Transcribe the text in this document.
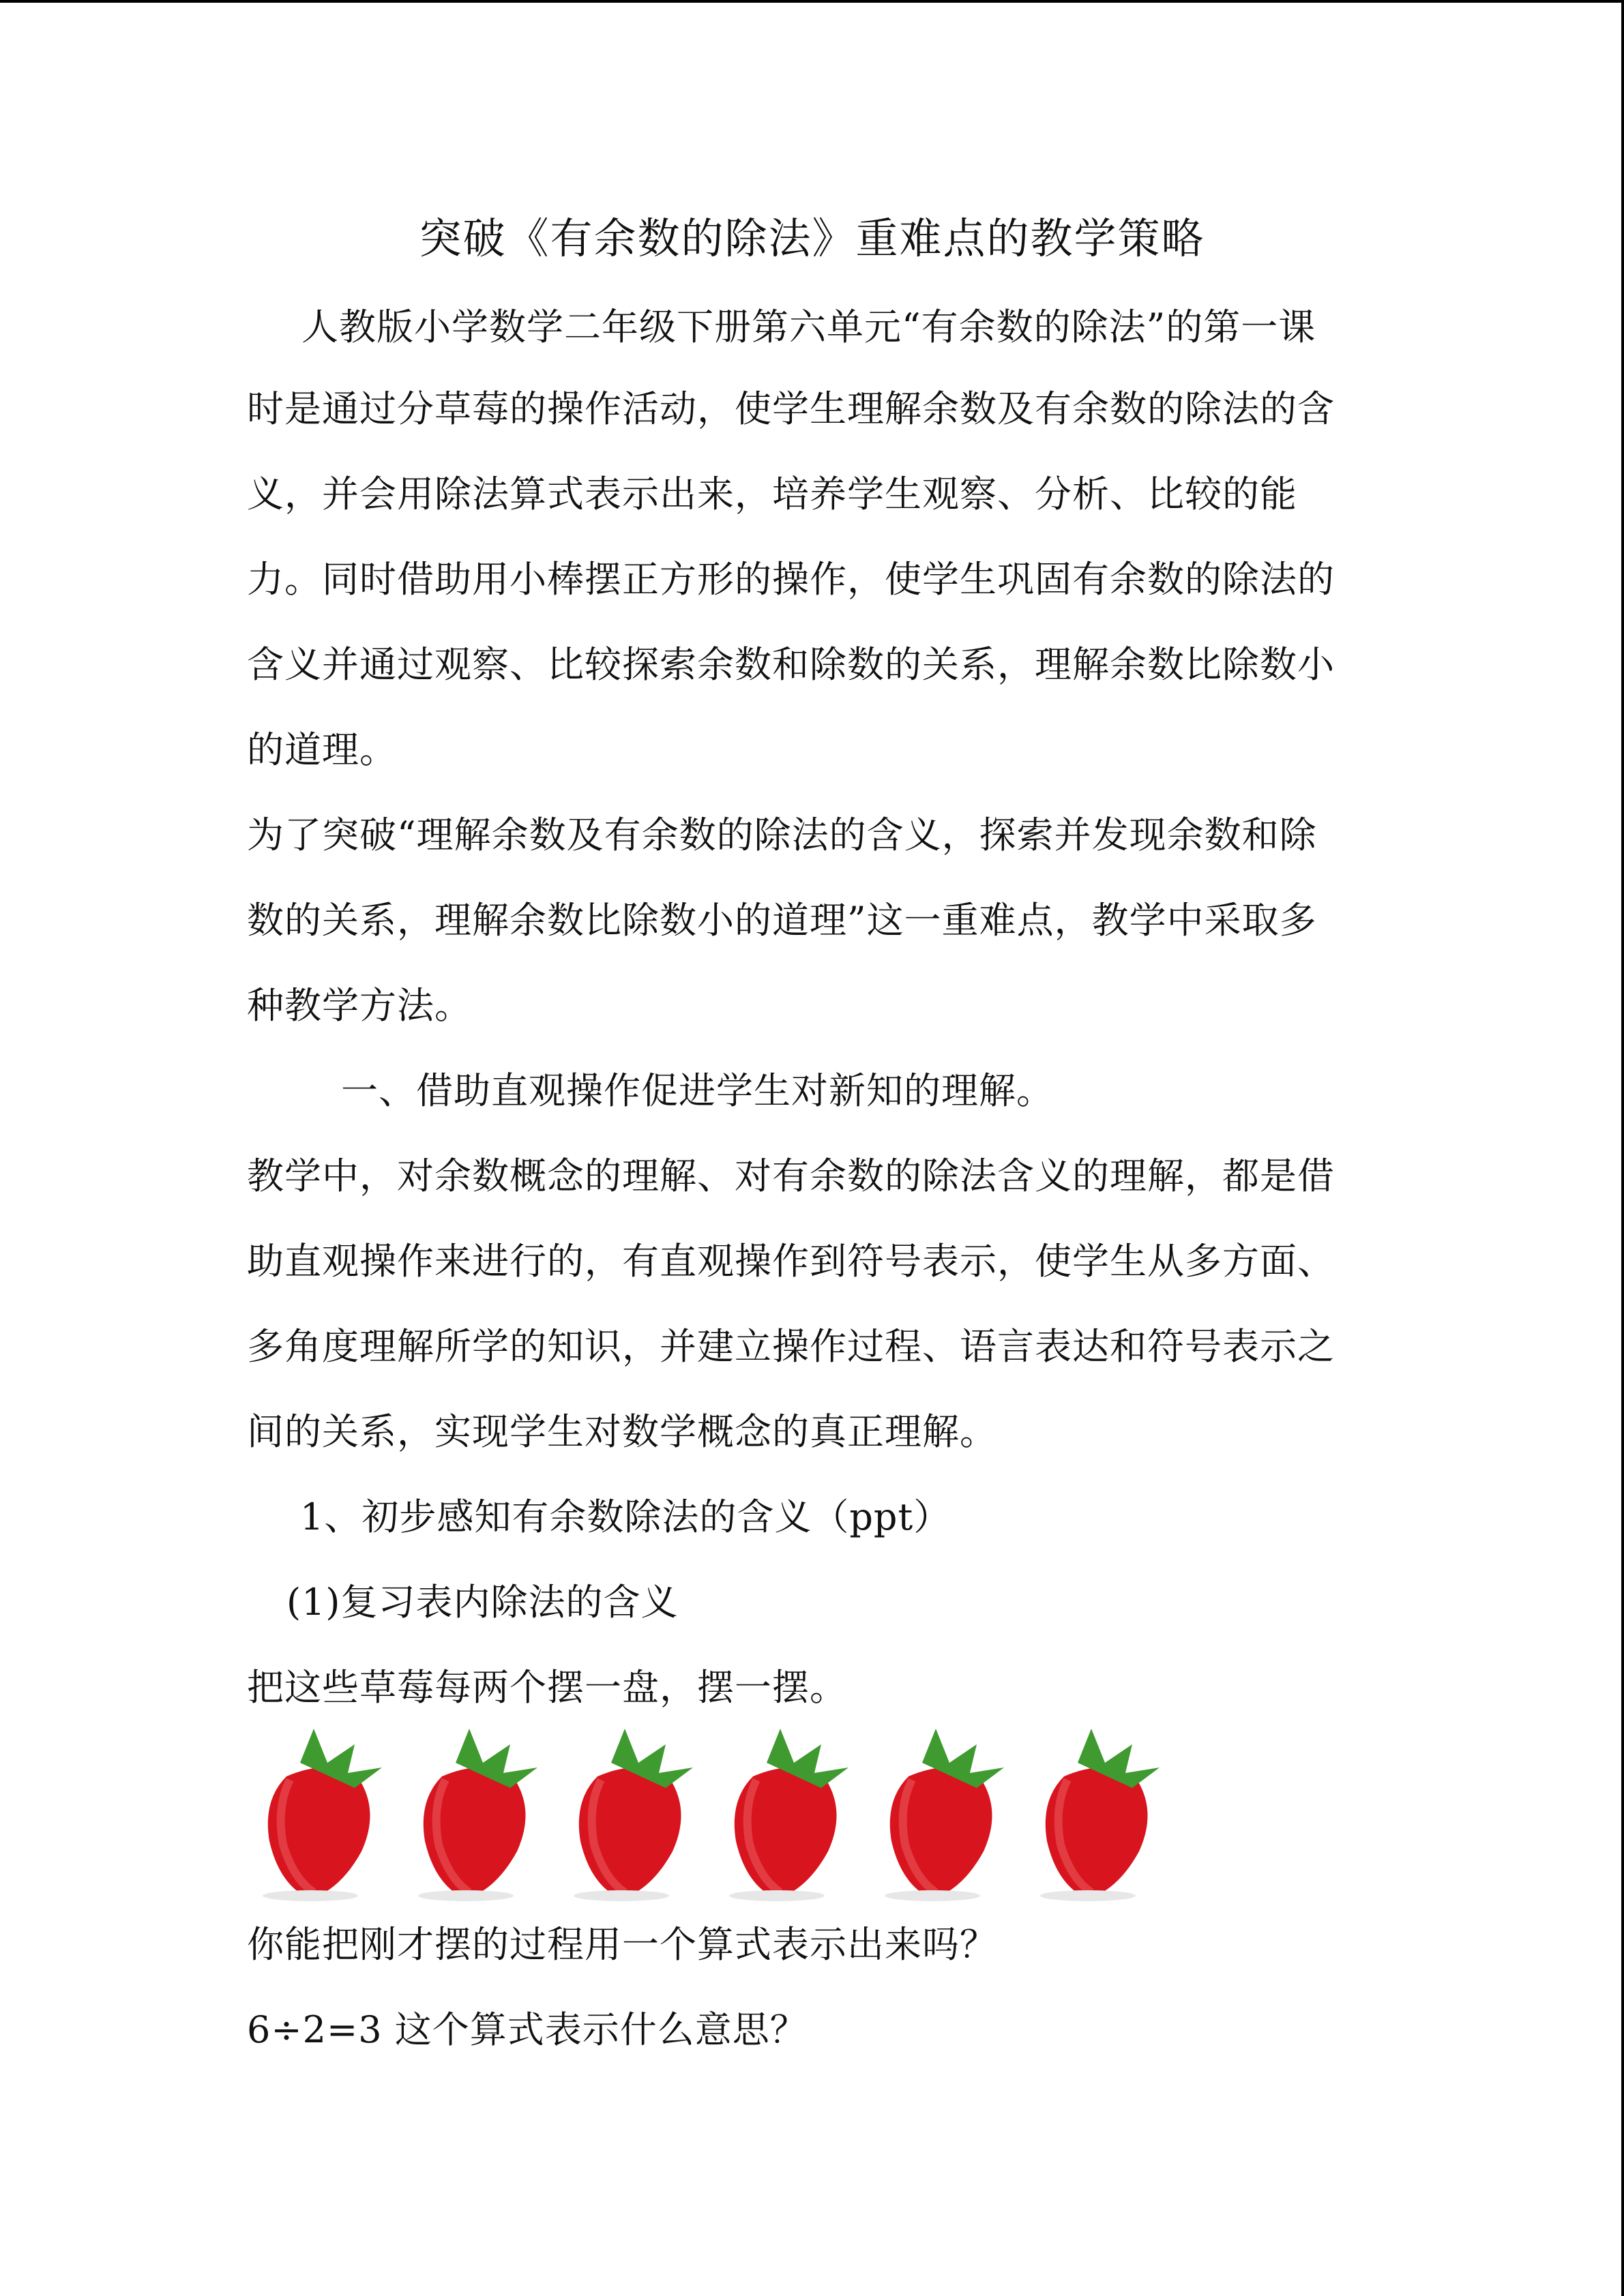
突破《有余数的除法》重难点的教学策略
人教版小学数学二年级下册第六单元“有余数的除法”的第一课
时是通过分草莓的操作活动，使学生理解余数及有余数的除法的含
义，并会用除法算式表示出来，培养学生观察、分析、比较的能
力。同时借助用小棒摆正方形的操作，使学生巩固有余数的除法的
含义并通过观察、比较探索余数和除数的关系，理解余数比除数小
的道理。
为了突破“理解余数及有余数的除法的含义，探索并发现余数和除
数的关系，理解余数比除数小的道理”这一重难点，教学中采取多
种教学方法。
一、借助直观操作促进学生对新知的理解。
教学中，对余数概念的理解、对有余数的除法含义的理解，都是借
助直观操作来进行的，有直观操作到符号表示，使学生从多方面、
多角度理解所学的知识，并建立操作过程、语言表达和符号表示之
间的关系，实现学生对数学概念的真正理解。
1、初步感知有余数除法的含义（ppt）
(1)复习表内除法的含义
把这些草莓每两个摆一盘，摆一摆。
你能把刚才摆的过程用一个算式表示出来吗？
6÷2=3 这个算式表示什么意思？
